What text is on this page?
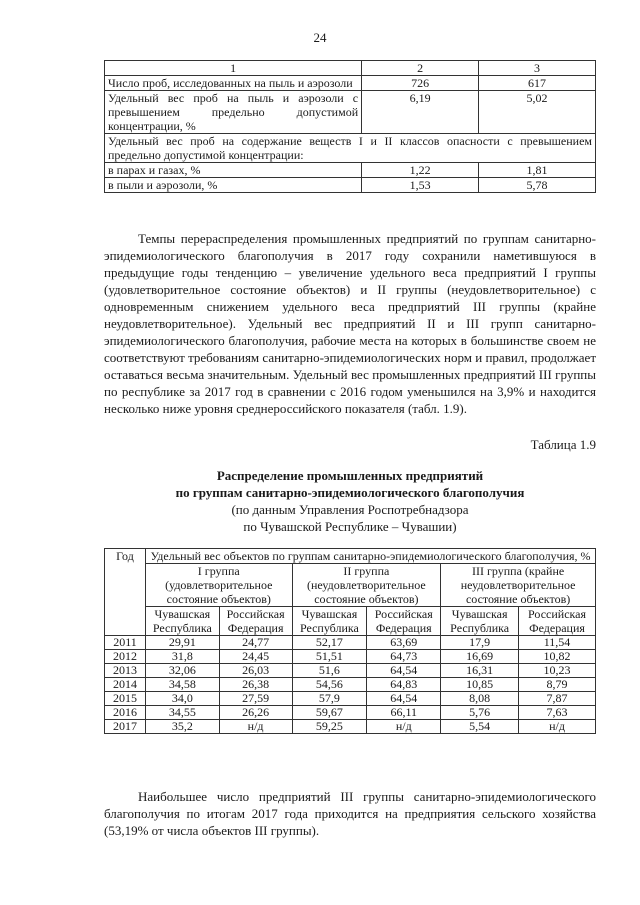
24
1	2	3
Число проб, исследованных на пыль и аэрозоли	726	617
Удельный вес проб на пыль и аэрозоли с превышением предельно допустимой концентрации, %	6,19	5,02
Удельный вес проб на содержание веществ I и II классов опасности с превышением предельно допустимой концентрации:		
в парах и газах, %	1,22	1,81
в пыли и аэрозоли, %	1,53	5,78

Темпы перераспределения промышленных предприятий по группам санитарно-эпидемиологического благополучия в 2017 году сохранили наметившуюся в предыдущие годы тенденцию – увеличение удельного веса предприятий I группы (удовлетворительное состояние объектов) и II группы (неудовлетворительное) с одновременным снижением удельного веса предприятий III группы (крайне неудовлетворительное). Удельный вес предприятий II и III групп санитарно-эпидемиологического благополучия, рабочие места на которых в большинстве своем не соответствуют требованиям санитарно-эпидемиологических норм и правил, продолжает оставаться весьма значительным. Удельный вес промышленных предприятий III группы по республике за 2017 год в сравнении с 2016 годом уменьшился на 3,9% и находится несколько ниже уровня среднероссийского показателя (табл. 1.9).

Таблица 1.9
Распределение промышленных предприятий
по группам санитарно-эпидемиологического благополучия
(по данным Управления Роспотребнадзора
по Чувашской Республике – Чувашии)
Год	Удельный вес объектов по группам санитарно-эпидемиологического благополучия, %					
	I группа (удовлетворительное состояние объектов)		II группа (неудовлетворительное состояние объектов)		III группа (крайне неудовлетворительное состояние объектов)	
	Чувашская Республика	Российская Федерация	Чувашская Республика	Российская Федерация	Чувашская Республика	Российская Федерация
2011	29,91	24,77	52,17	63,69	17,9	11,54
2012	31,8	24,45	51,51	64,73	16,69	10,82
2013	32,06	26,03	51,6	64,54	16,31	10,23
2014	34,58	26,38	54,56	64,83	10,85	8,79
2015	34,0	27,59	57,9	64,54	8,08	7,87
2016	34,55	26,26	59,67	66,11	5,76	7,63
2017	35,2	н/д	59,25	н/д	5,54	н/д

Наибольшее число предприятий III группы санитарно-эпидемиологического благополучия по итогам 2017 года приходится на предприятия сельского хозяйства (53,19% от числа объектов III группы).
